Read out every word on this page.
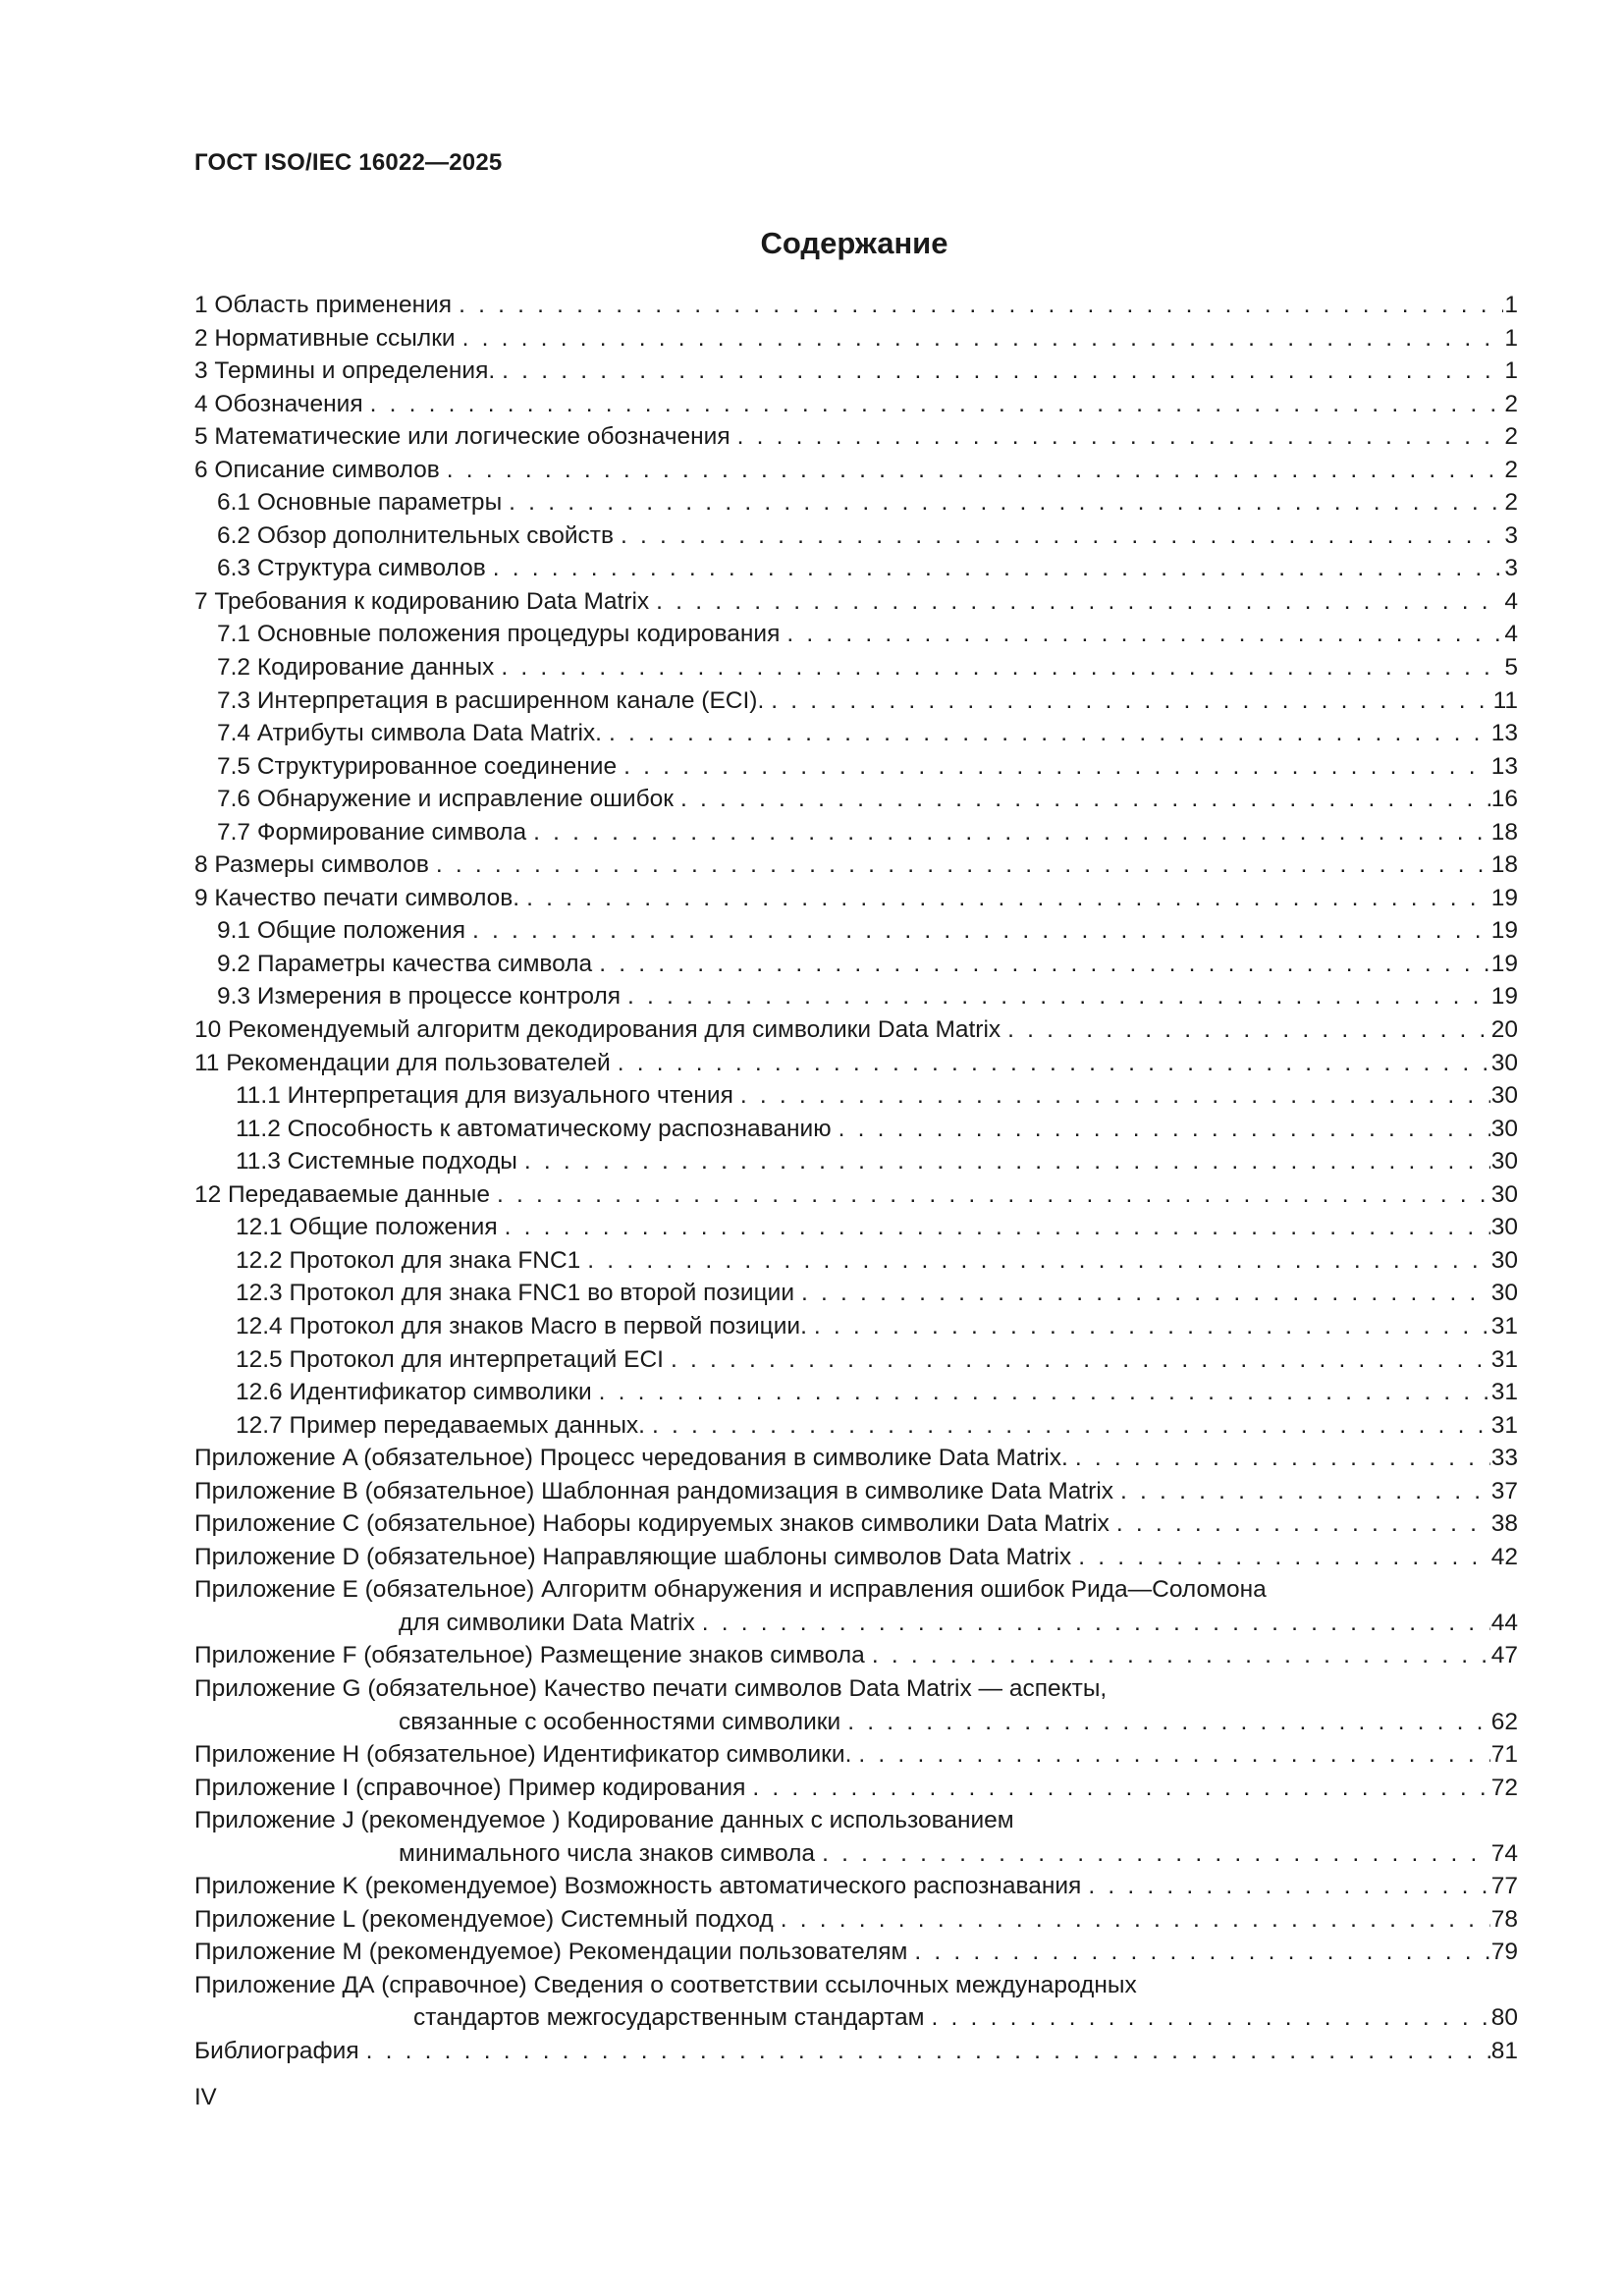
ГОСТ ISO/IEC 16022—2025
Содержание
1 Область применения . . .	1
2 Нормативные ссылки . . .	1
3 Термины и определения. . . .	1
4 Обозначения . . .	2
5 Математические или логические обозначения . . .	2
6 Описание символов . . .	2
6.1 Основные параметры . . .	2
6.2 Обзор дополнительных свойств . . .	3
6.3 Структура символов . . .	3
7 Требования к кодированию Data Matrix . . .	4
7.1 Основные положения процедуры кодирования . . .	4
7.2 Кодирование данных . . .	5
7.3 Интерпретация в расширенном канале (ECI). . . .	11
7.4 Атрибуты символа Data Matrix. . . .	13
7.5 Структурированное соединение . . .	13
7.6 Обнаружение и исправление ошибок . . .	16
7.7 Формирование символа . . .	18
8 Размеры символов . . .	18
9 Качество печати символов. . . .	19
9.1 Общие положения . . .	19
9.2 Параметры качества символа . . .	19
9.3 Измерения в процессе контроля . . .	19
10 Рекомендуемый алгоритм декодирования для символики Data Matrix . . .	20
11 Рекомендации для пользователей . . .	30
11.1 Интерпретация для визуального чтения . . .	30
11.2 Способность к автоматическому распознаванию . . .	30
11.3 Системные подходы . . .	30
12 Передаваемые данные . . .	30
12.1 Общие положения . . .	30
12.2 Протокол для знака FNC1 . . .	30
12.3 Протокол для знака FNC1 во второй позиции . . .	30
12.4 Протокол для знаков Macro в первой позиции. . . .	31
12.5 Протокол для интерпретаций ECI . . .	31
12.6 Идентификатор символики . . .	31
12.7 Пример передаваемых данных. . . .	31
Приложение A (обязательное) Процесс чередования в символике Data Matrix. . . .	33
Приложение B (обязательное) Шаблонная рандомизация в символике Data Matrix . . .	37
Приложение C (обязательное) Наборы кодируемых знаков символики Data Matrix . . .	38
Приложение D (обязательное) Направляющие шаблоны символов Data Matrix . . .	42
Приложение E (обязательное) Алгоритм обнаружения и исправления ошибок Рида—Соломона
для символики Data Matrix . . .	44
Приложение F (обязательное) Размещение знаков символа . . .	47
Приложение G (обязательное) Качество печати символов Data Matrix — аспекты,
связанные с особенностями символики . . .	62
Приложение H (обязательное) Идентификатор символики. . . .	71
Приложение I (справочное) Пример кодирования . . .	72
Приложение J (рекомендуемое ) Кодирование данных с использованием
минимального числа знаков символа . . .	74
Приложение K (рекомендуемое) Возможность автоматического распознавания . . .	77
Приложение L (рекомендуемое) Системный подход . . .	78
Приложение M (рекомендуемое) Рекомендации пользователям . . .	79
Приложение ДА (справочное) Сведения о соответствии ссылочных международных
стандартов межгосударственным стандартам . . .	80
Библиография . . .	81
IV
